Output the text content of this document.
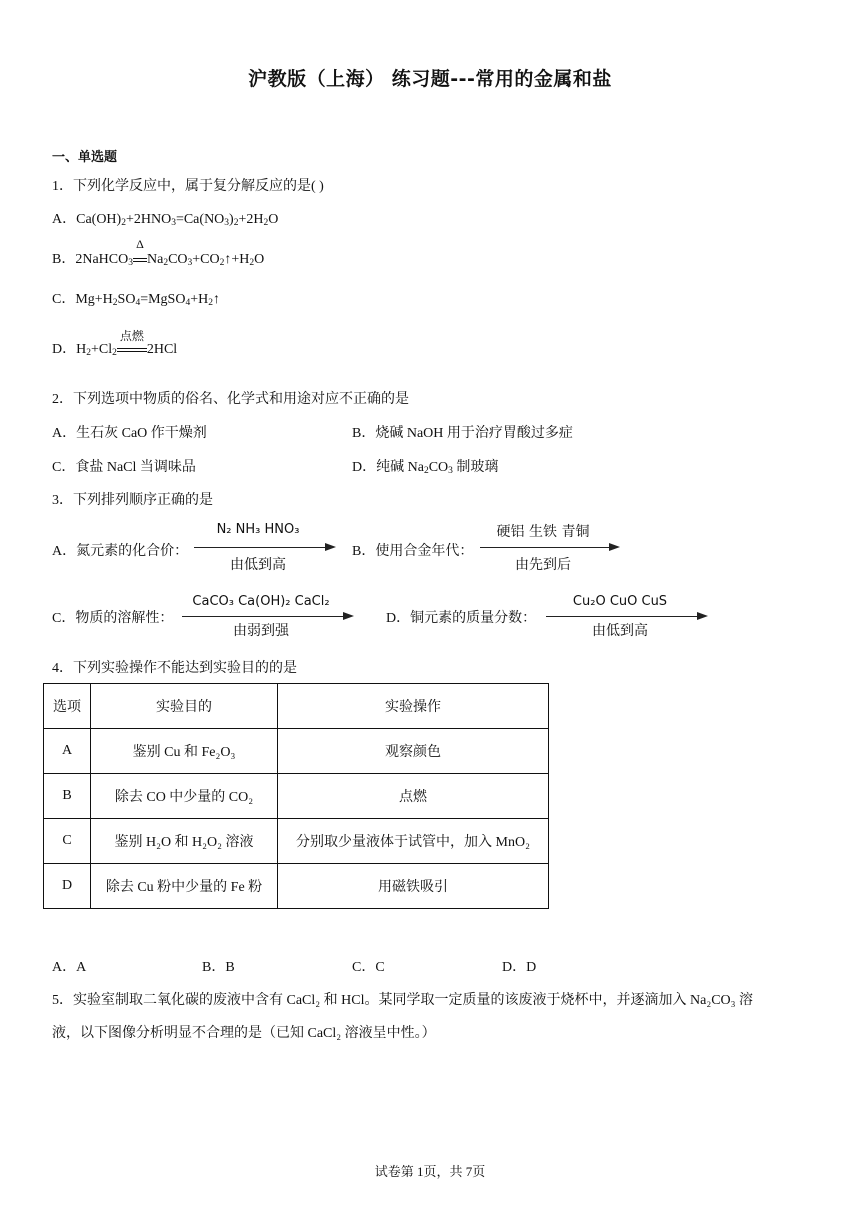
沪教版（上海） 练习题---常用的金属和盐
一、单选题
1．下列化学反应中，属于复分解反应的是( )
A．$Ca(OH)_2+2HNO_3=Ca(NO_3)_2+2H_2O$
B．2NaHCO$_3$
Δ
$Na_2CO_3+CO_2↑+H_2O$
C．$Mg+H_2SO_4=MgSO_4+H_2↑$
D．$H_2+Cl_2$
点燃
2HCl
2．下列选项中物质的俗名、化学式和用途对应不正确的是
A．生石灰 CaO 作干燥剂	B．烧碱 NaOH 用于治疗胃酸过多症
C．食盐 NaCl 当调味品	D．纯碱 $Na_2CO_3$ 制玻璃
3．下列排列顺序正确的是
A．氮元素的化合价：
N₂ NH₃ HNO₃
由低到高
B．使用合金年代：
硬铝 生铁 青铜
由先到后
C．物质的溶解性：
CaCO₃ Ca(OH)₂ CaCl₂
由弱到强
D．铜元素的质量分数：
Cu₂O CuO CuS
由低到高
4．下列实验操作不能达到实验目的的是
选项	实验目的	实验操作
A	鉴别 Cu 和 Fe₂O₃	观察颜色
B	除去 CO 中少量的 CO₂	点燃
C	鉴别 H₂O 和 H₂O₂ 溶液	分别取少量液体于试管中，加入 MnO₂
D	除去 Cu 粉中少量的 Fe 粉	用磁铁吸引
A．A	B．B	C．C	D．D
5．实验室制取二氧化碳的废液中含有 CaCl₂ 和 HCl。某同学取一定质量的该废液于烧杯中，并逐滴加入 Na₂CO₃ 溶
液，以下图像分析明显不合理的是（已知 CaCl₂ 溶液呈中性。）
试卷第 1页，共 7页
